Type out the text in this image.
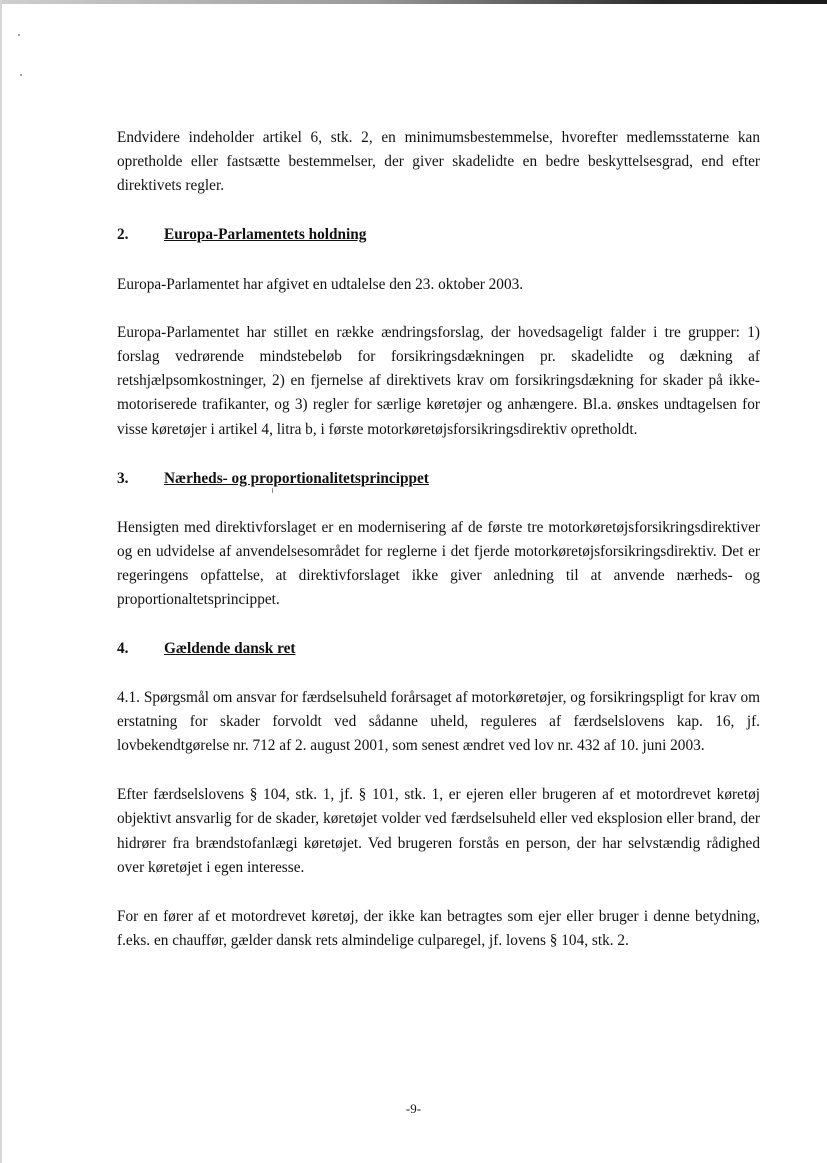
Endvidere indeholder artikel 6, stk. 2, en minimumsbestemmelse, hvorefter medlemsstaterne kan opretholde eller fastsætte bestemmelser, der giver skadelidte en bedre beskyttelsesgrad, end efter direktivets regler.

2.	Europa-Parlamentets holdning

Europa-Parlamentet har afgivet en udtalelse den 23. oktober 2003.

Europa-Parlamentet har stillet en række ændringsforslag, der hovedsageligt falder i tre grupper: 1) forslag vedrørende mindstebeløb for forsikringsdækningen pr. skadelidte og dækning af retshjælpsomkostninger, 2) en fjernelse af direktivets krav om forsikringsdækning for skader på ikke-motoriserede trafikanter, og 3) regler for særlige køretøjer og anhængere. Bl.a. ønskes undtagelsen for visse køretøjer i artikel 4, litra b, i første motorkøretøjsforsikringsdirektiv opretholdt.

3.	Nærheds- og proportionalitetsprincippet

Hensigten med direktivforslaget er en modernisering af de første tre motorkøretøjsforsikringsdirektiver og en udvidelse af anvendelsesområdet for reglerne i det fjerde motorkøretøjsforsikringsdirektiv. Det er regeringens opfattelse, at direktivforslaget ikke giver anledning til at anvende nærheds- og proportionaltetsprincippet.

4.	Gældende dansk ret

4.1. Spørgsmål om ansvar for færdselsuheld forårsaget af motorkøretøjer, og forsikringspligt for krav om erstatning for skader forvoldt ved sådanne uheld, reguleres af færdselslovens kap. 16, jf. lovbekendtgørelse nr. 712 af 2. august 2001, som senest ændret ved lov nr. 432 af 10. juni 2003.

Efter færdselslovens § 104, stk. 1, jf. § 101, stk. 1, er ejeren eller brugeren af et motordrevet køretøj objektivt ansvarlig for de skader, køretøjet volder ved færdselsuheld eller ved eksplosion eller brand, der hidrører fra brændstofanlægi køretøjet. Ved brugeren forstås en person, der har selvstændig rådighed over køretøjet i egen interesse.

For en fører af et motordrevet køretøj, der ikke kan betragtes som ejer eller bruger i denne betydning, f.eks. en chauffør, gælder dansk rets almindelige culparegel, jf. lovens § 104, stk. 2.

-9-
